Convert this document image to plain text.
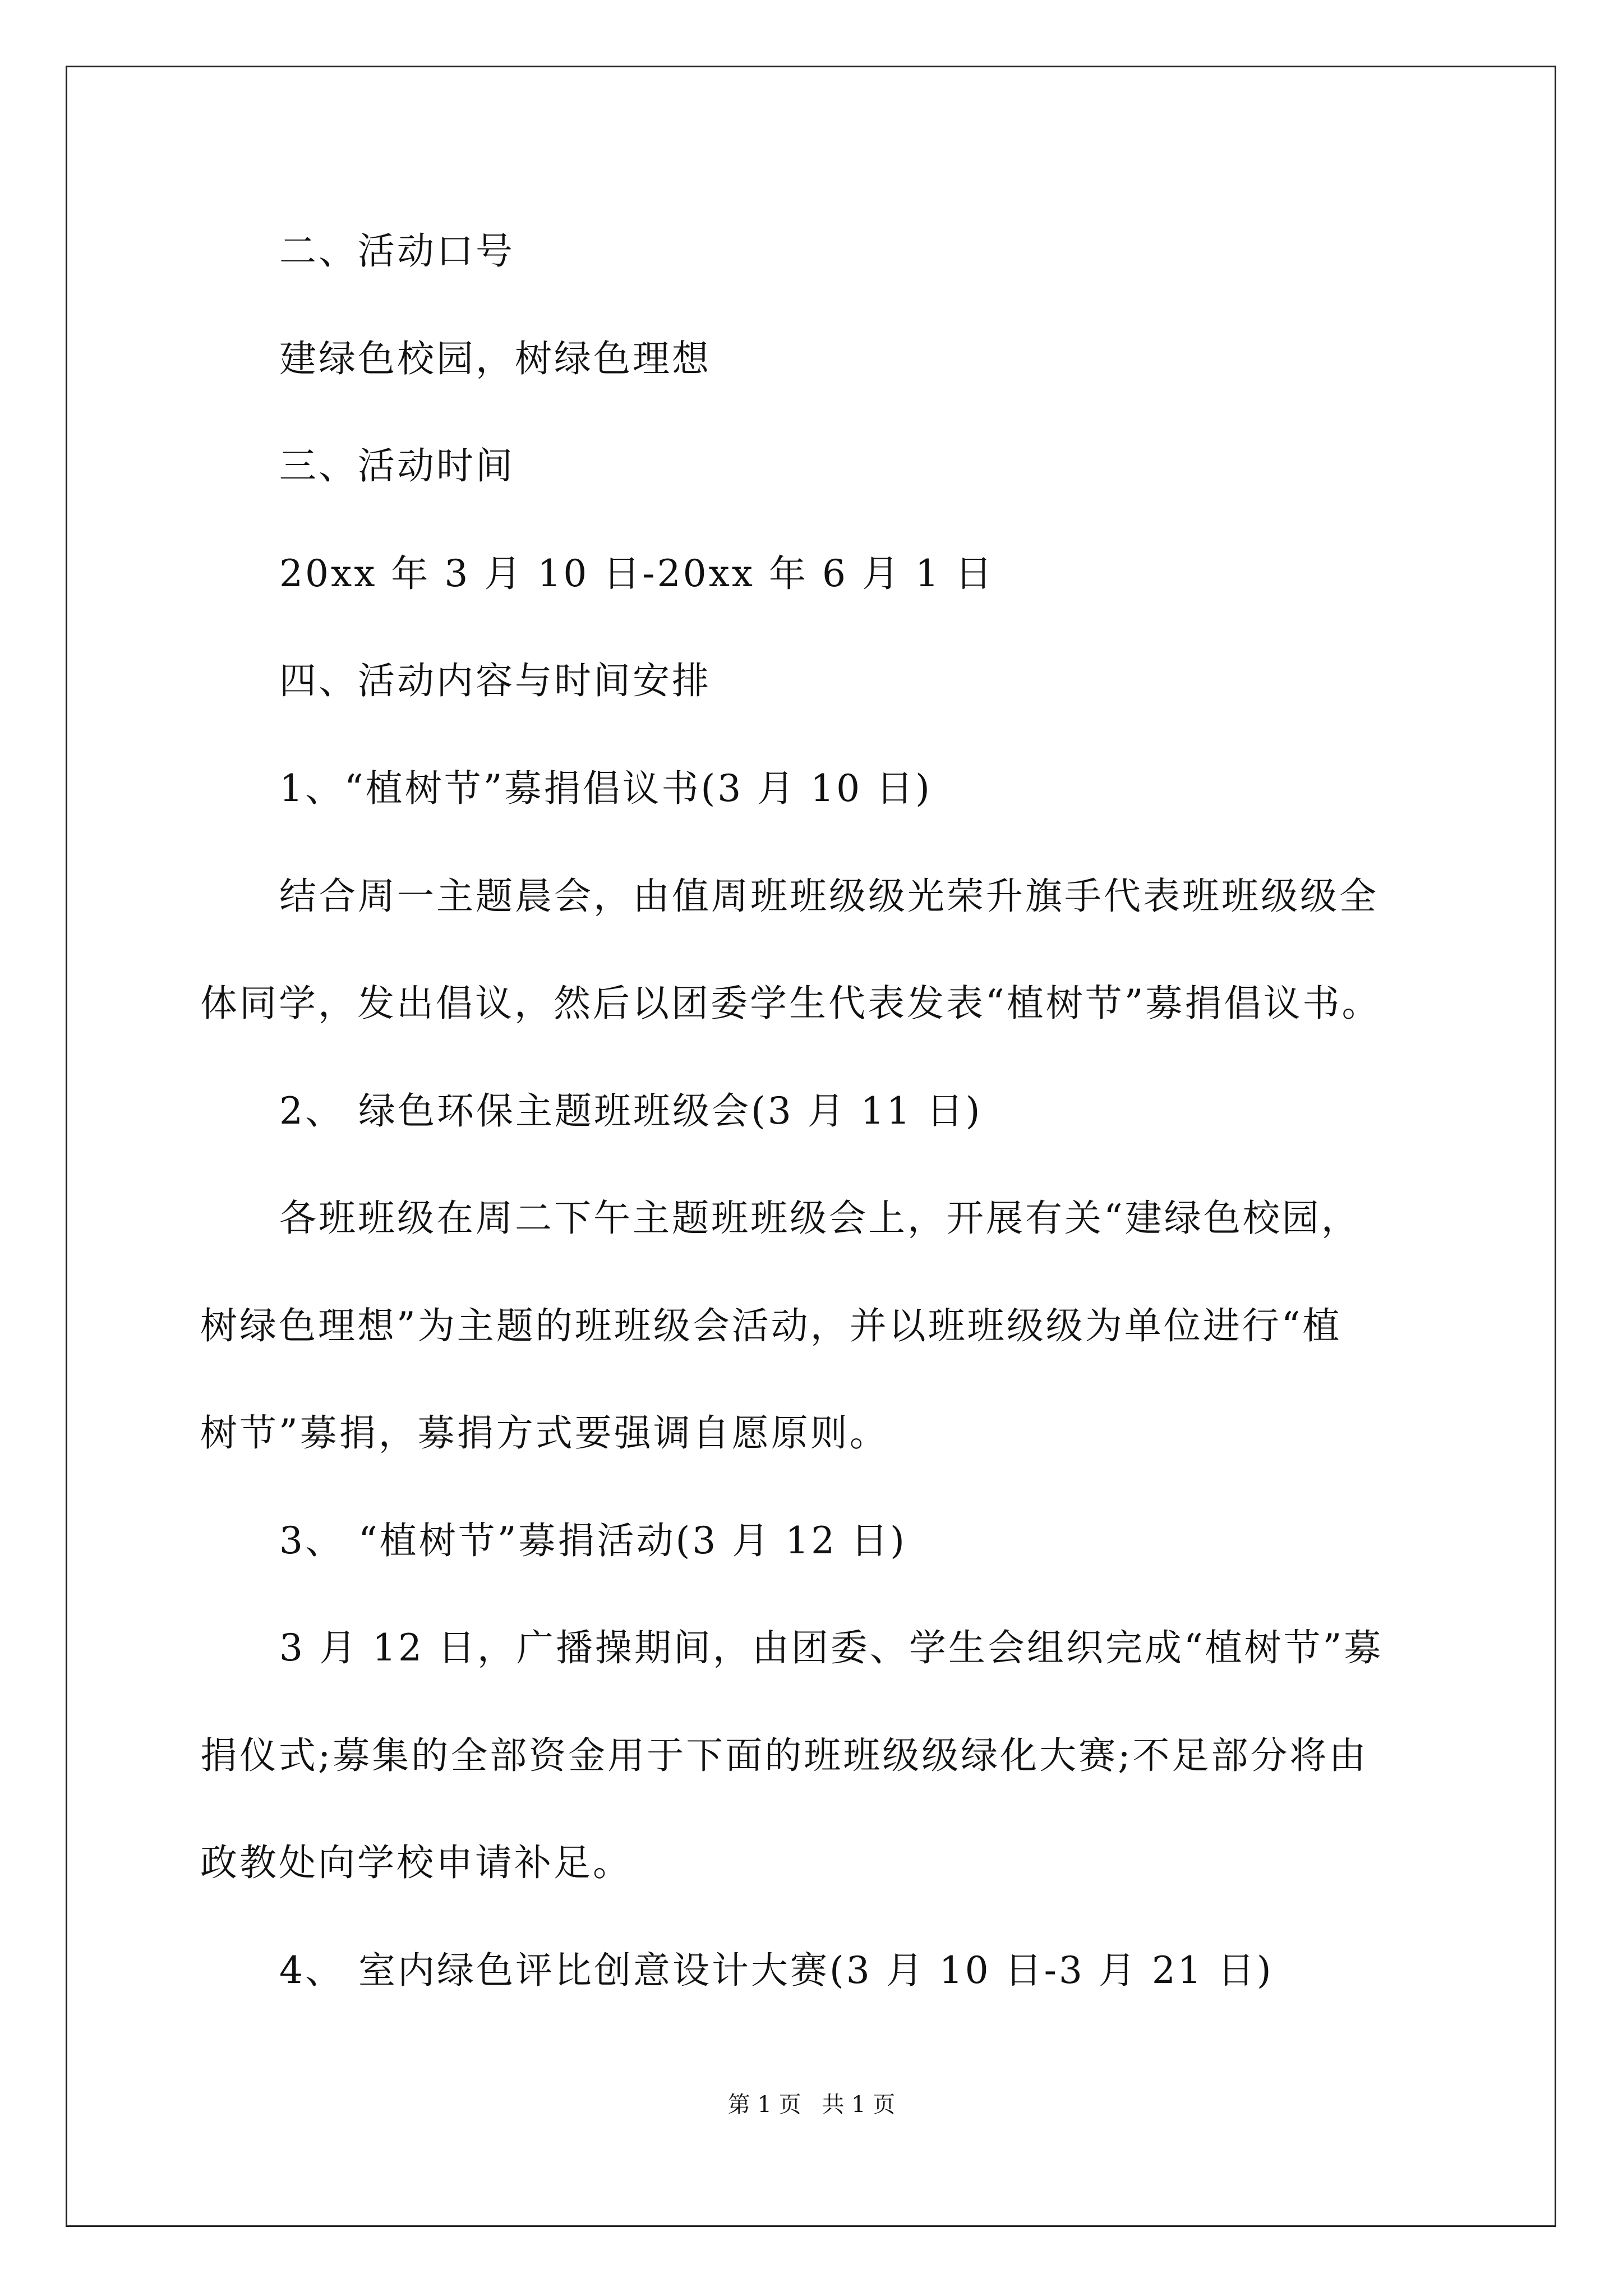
二、活动口号
建绿色校园，树绿色理想
三、活动时间
20xx 年 3 月 10 日-20xx 年 6 月 1 日
四、活动内容与时间安排
1、“植树节”募捐倡议书(3 月 10 日)
结合周一主题晨会，由值周班班级级光荣升旗手代表班班级级全
体同学，发出倡议，然后以团委学生代表发表“植树节”募捐倡议书。
2、 绿色环保主题班班级会(3 月 11 日)
各班班级在周二下午主题班班级会上，开展有关“建绿色校园，
树绿色理想”为主题的班班级会活动，并以班班级级为单位进行“植
树节”募捐，募捐方式要强调自愿原则。
3、 “植树节”募捐活动(3 月 12 日)
3 月 12 日，广播操期间，由团委、学生会组织完成“植树节”募
捐仪式;募集的全部资金用于下面的班班级级绿化大赛;不足部分将由
政教处向学校申请补足。
4、 室内绿色评比创意设计大赛(3 月 10 日-3 月 21 日)
第 1 页 共 1 页
